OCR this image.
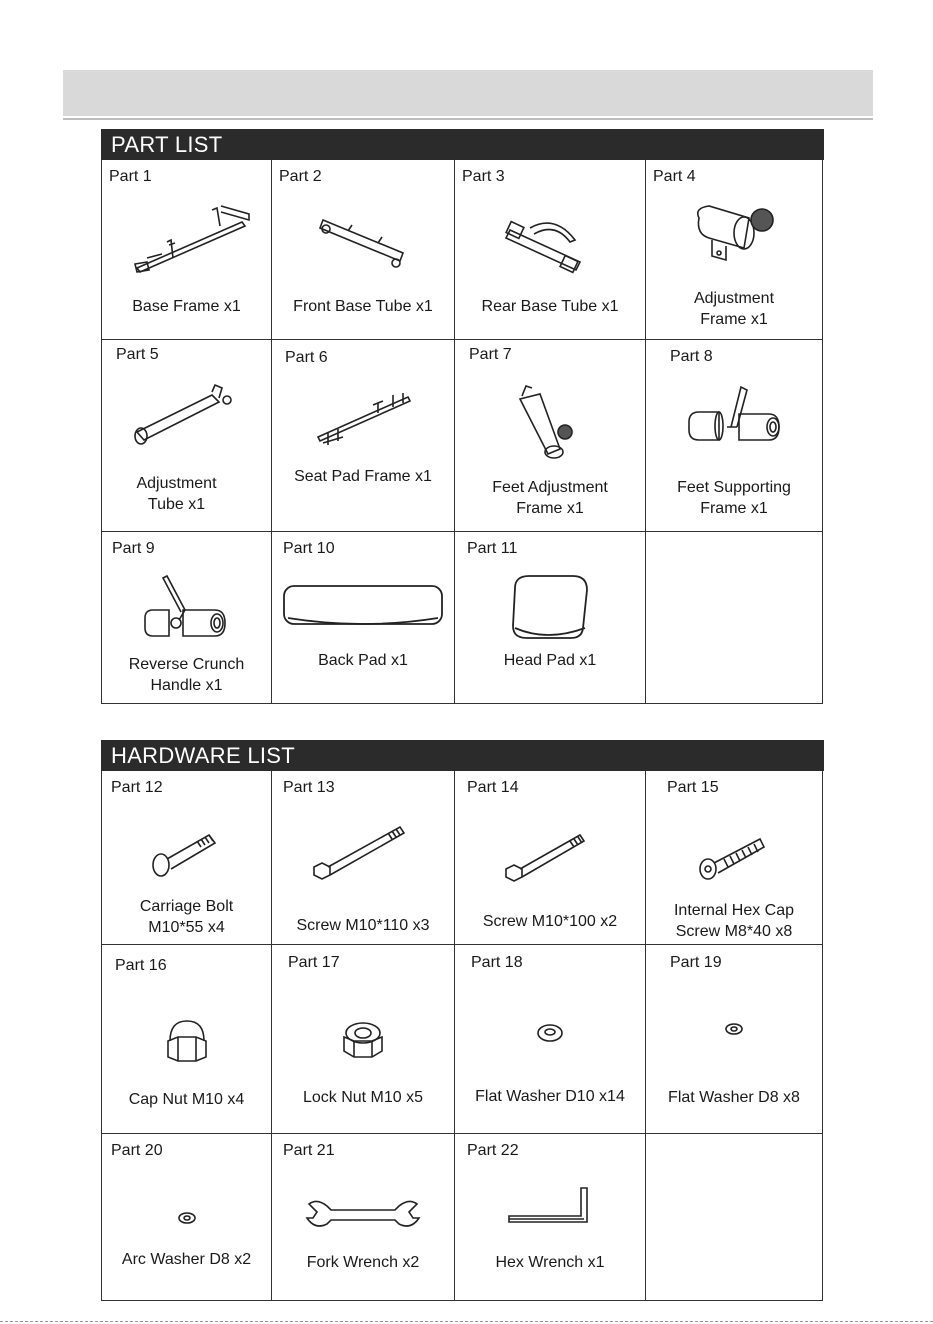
PART LIST
Part 1
Base Frame x1
Part 2
Front Base Tube x1
Part 3
Rear Base Tube x1
Part 4
Adjustment
Frame x1
Part 5
Adjustment
Tube x1
Part 6
Seat Pad Frame x1
Part 7
Feet Adjustment
Frame x1
Part 8
Feet Supporting
Frame x1
Part 9
Reverse Crunch
Handle x1
Part 10
Back Pad x1
Part 11
Head Pad x1
HARDWARE LIST
Part 12
Carriage Bolt
M10*55 x4
Part 13
Screw M10*110 x3
Part 14
Screw M10*100 x2
Part 15
Internal Hex Cap
Screw M8*40 x8
Part 16
Cap Nut M10 x4
Part 17
Lock Nut M10 x5
Part 18
Flat Washer D10 x14
Part 19
Flat Washer D8 x8
Part 20
Arc Washer D8 x2
Part 21
Fork Wrench x2
Part 22
Hex Wrench x1
